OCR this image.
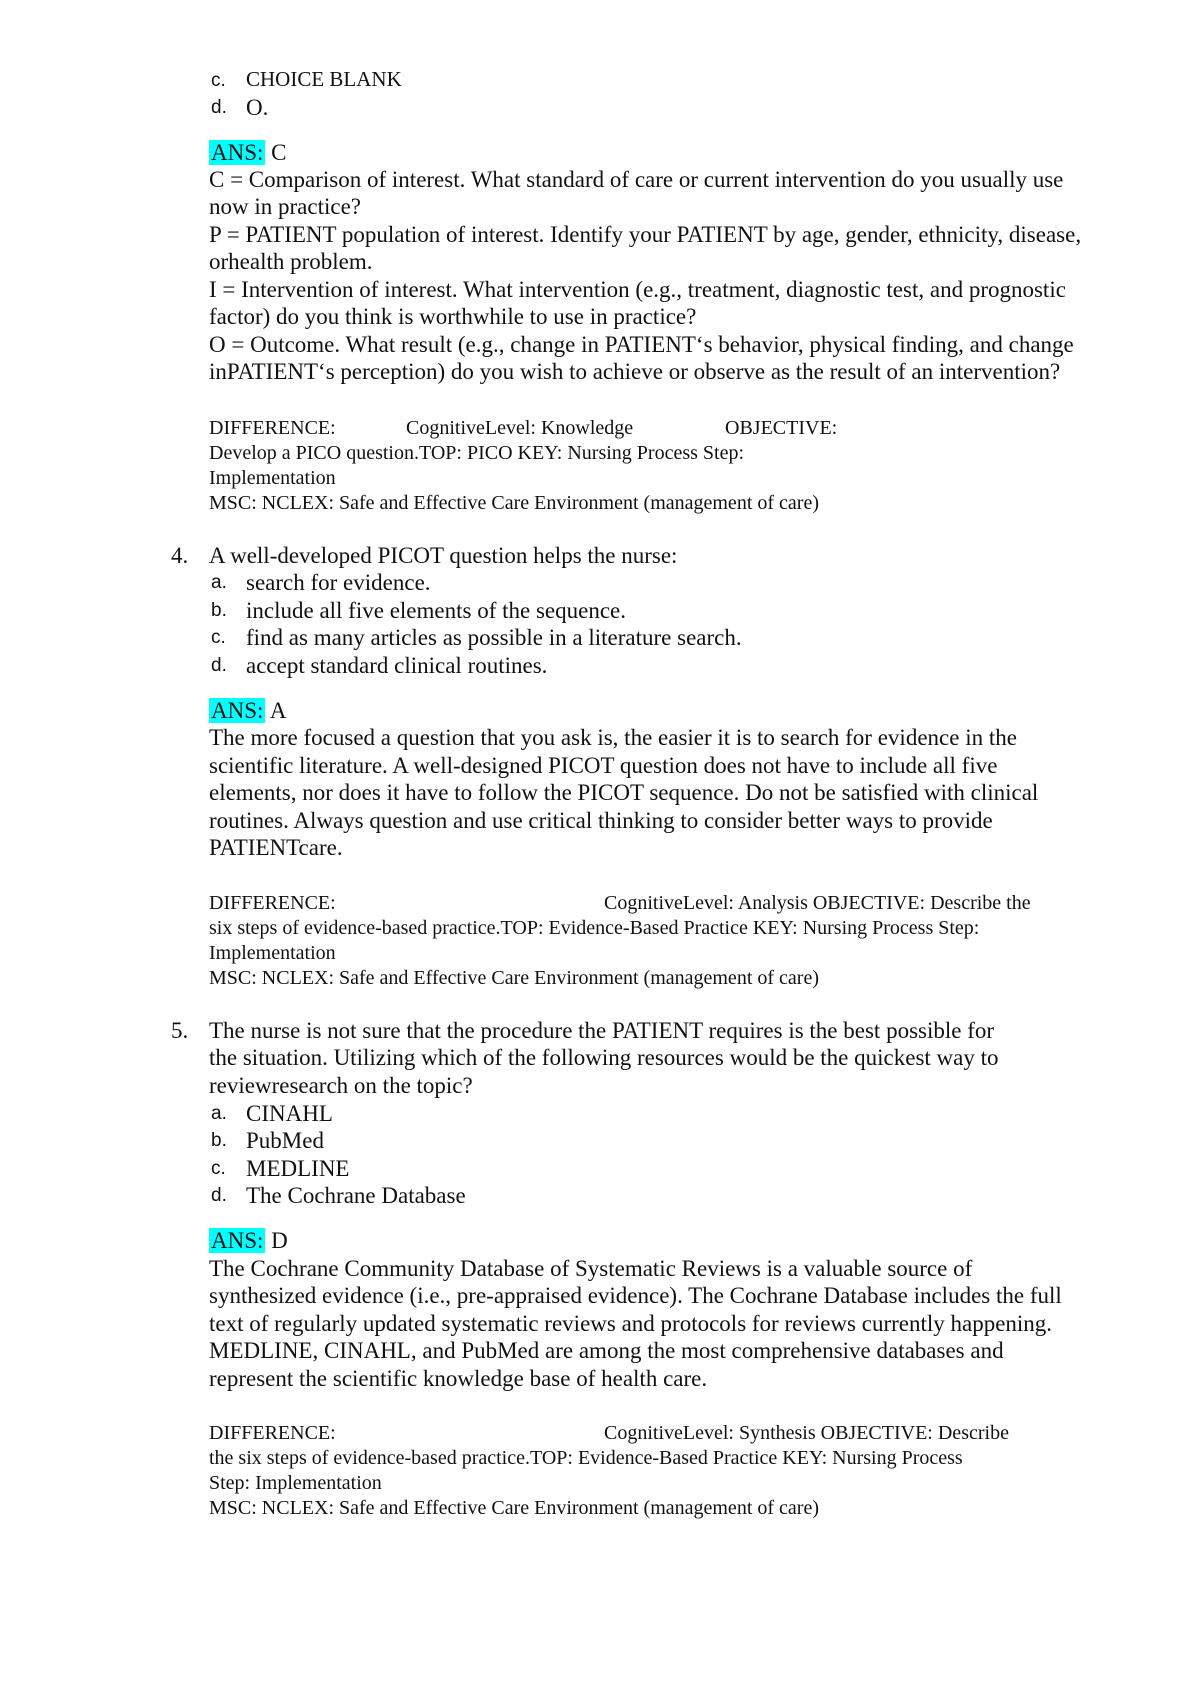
c. CHOICE BLANK
d. O.
ANS: C
C = Comparison of interest. What standard of care or current intervention do you usually use
now in practice?
P = PATIENT population of interest. Identify your PATIENT by age, gender, ethnicity, disease,
orhealth problem.
I = Intervention of interest. What intervention (e.g., treatment, diagnostic test, and prognostic
factor) do you think is worthwhile to use in practice?
O = Outcome. What result (e.g., change in PATIENT‘s behavior, physical finding, and change
inPATIENT‘s perception) do you wish to achieve or observe as the result of an intervention?
DIFFERENCE:	CognitiveLevel: Knowledge	OBJECTIVE:
Develop a PICO question.TOP: PICO KEY: Nursing Process Step:
Implementation
MSC: NCLEX: Safe and Effective Care Environment (management of care)
4. A well-developed PICOT question helps the nurse:
a. search for evidence.
b. include all five elements of the sequence.
c. find as many articles as possible in a literature search.
d. accept standard clinical routines.
ANS: A
The more focused a question that you ask is, the easier it is to search for evidence in the
scientific literature. A well-designed PICOT question does not have to include all five
elements, nor does it have to follow the PICOT sequence. Do not be satisfied with clinical
routines. Always question and use critical thinking to consider better ways to provide
PATIENTcare.
DIFFERENCE:	CognitiveLevel: Analysis OBJECTIVE: Describe the
six steps of evidence-based practice.TOP: Evidence-Based Practice KEY: Nursing Process Step:
Implementation
MSC: NCLEX: Safe and Effective Care Environment (management of care)
5. The nurse is not sure that the procedure the PATIENT requires is the best possible for
the situation. Utilizing which of the following resources would be the quickest way to
reviewresearch on the topic?
a. CINAHL
b. PubMed
c. MEDLINE
d. The Cochrane Database
ANS: D
The Cochrane Community Database of Systematic Reviews is a valuable source of
synthesized evidence (i.e., pre-appraised evidence). The Cochrane Database includes the full
text of regularly updated systematic reviews and protocols for reviews currently happening.
MEDLINE, CINAHL, and PubMed are among the most comprehensive databases and
represent the scientific knowledge base of health care.
DIFFERENCE:	CognitiveLevel: Synthesis OBJECTIVE: Describe
the six steps of evidence-based practice.TOP: Evidence-Based Practice KEY: Nursing Process
Step: Implementation
MSC: NCLEX: Safe and Effective Care Environment (management of care)
